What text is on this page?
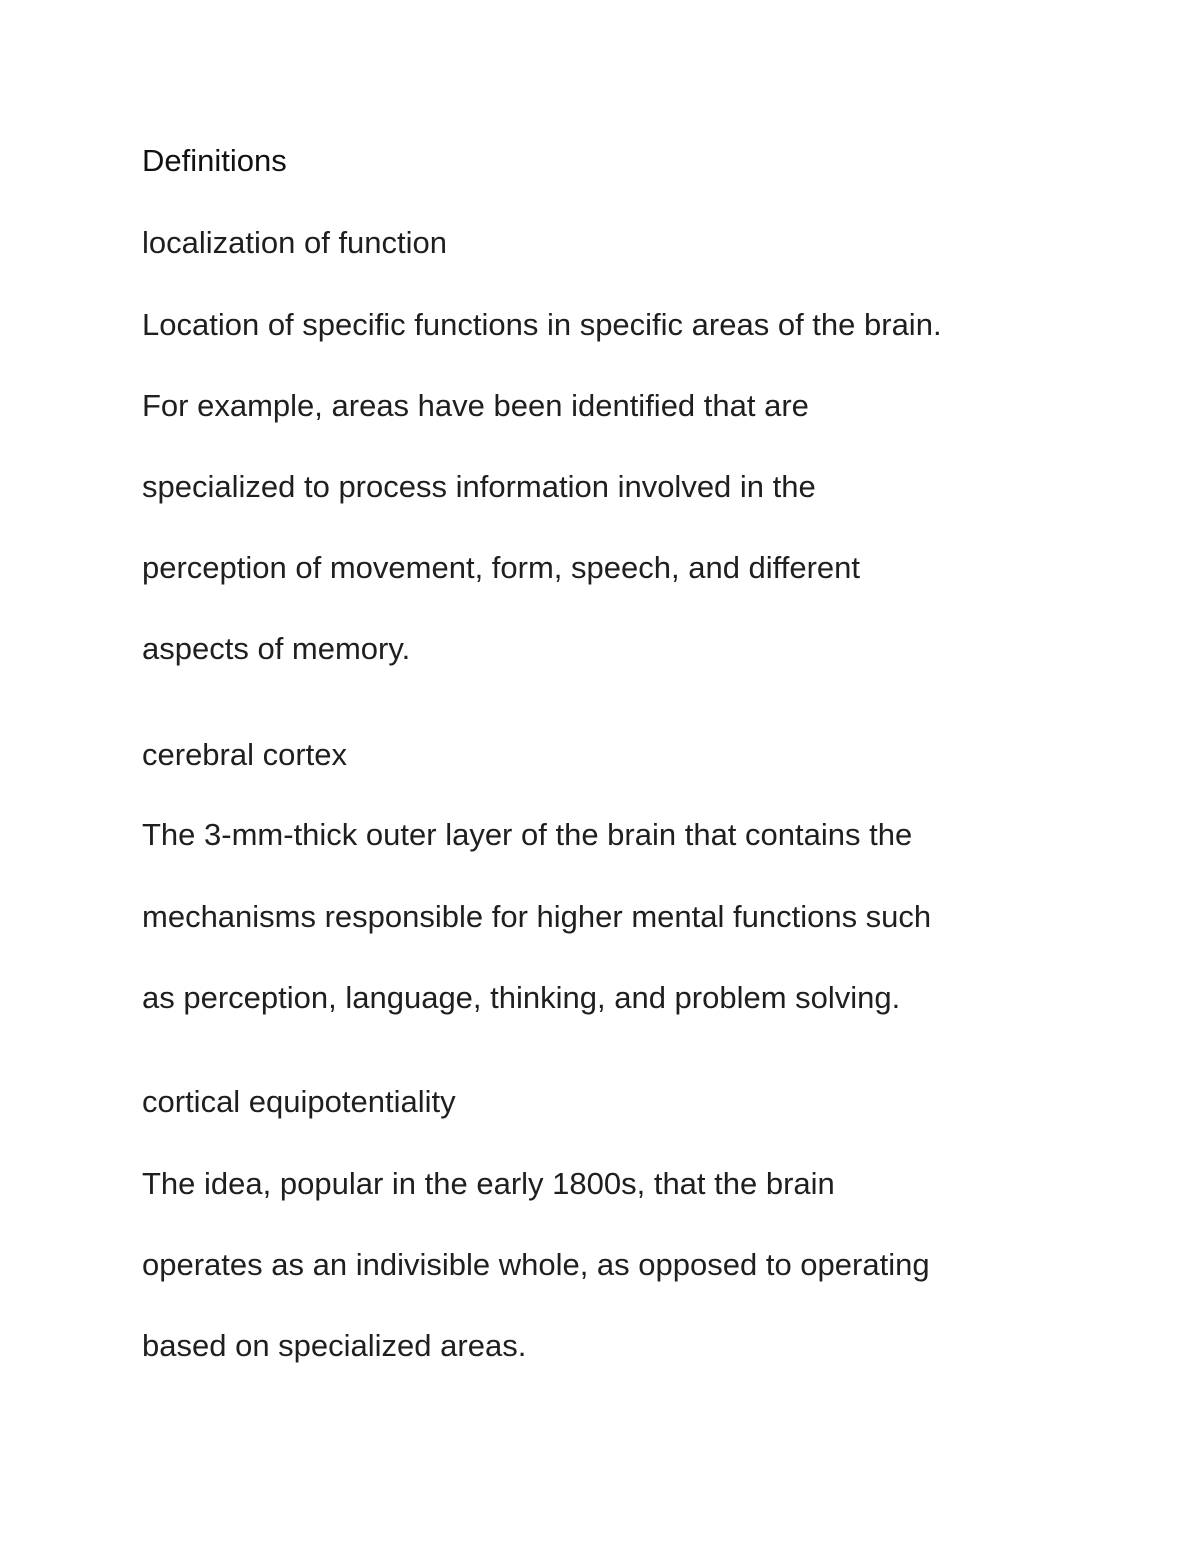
Definitions
localization of function
Location of specific functions in specific areas of the brain.
For example, areas have been identified that are
specialized to process information involved in the
perception of movement, form, speech, and different
aspects of memory.
cerebral cortex
The 3-mm-thick outer layer of the brain that contains the
mechanisms responsible for higher mental functions such
as perception, language, thinking, and problem solving.
cortical equipotentiality
The idea, popular in the early 1800s, that the brain
operates as an indivisible whole, as opposed to operating
based on specialized areas.
